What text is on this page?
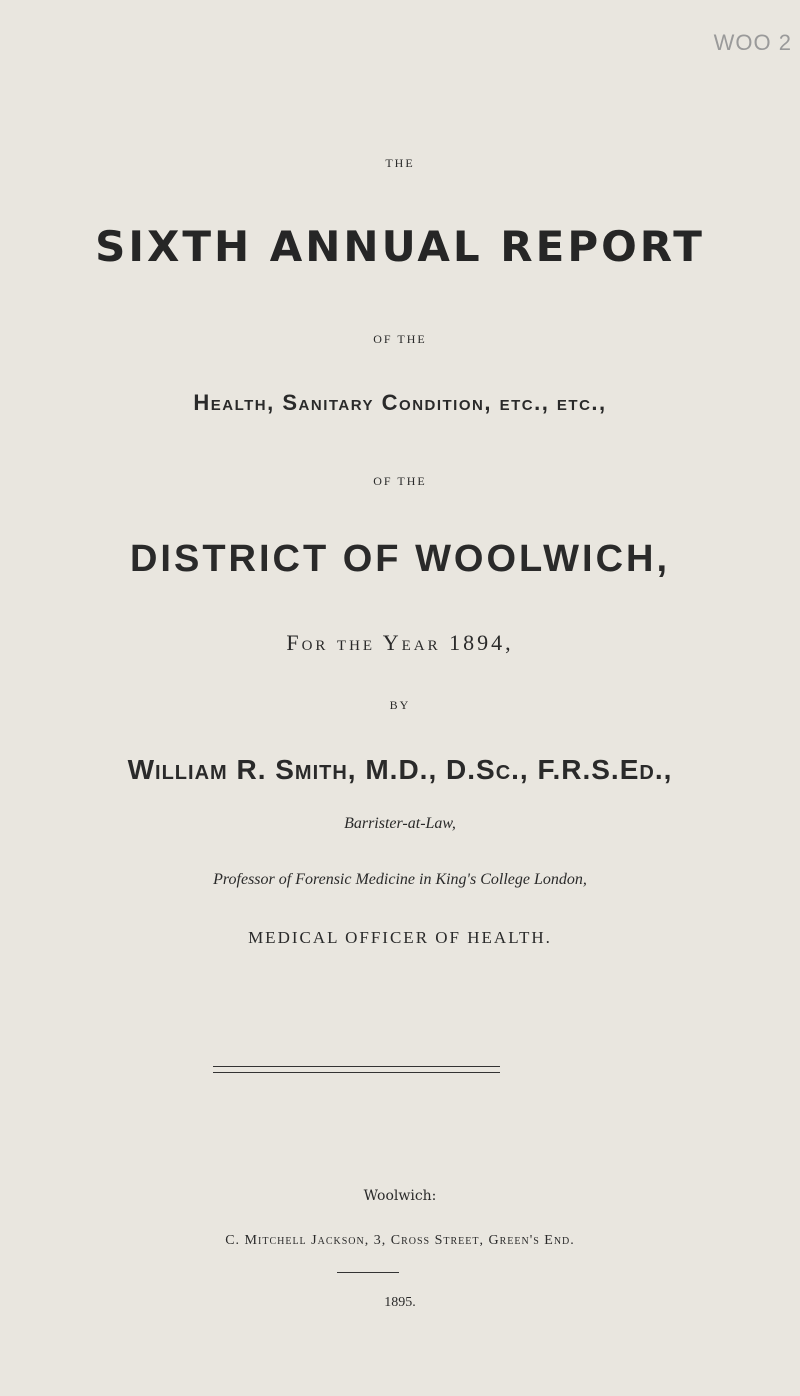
WOO 2
THE
SIXTH ANNUAL REPORT
OF THE
Health, Sanitary Condition, etc., etc.,
OF THE
DISTRICT OF WOOLWICH,
For the Year 1894,
BY
William R. Smith, M.D., D.Sc., F.R.S.Ed.,
Barrister-at-Law,
Professor of Forensic Medicine in King's College London,
MEDICAL OFFICER OF HEALTH.
Woolwich:
C. Mitchell Jackson, 3, Cross Street, Green's End.
1895.
